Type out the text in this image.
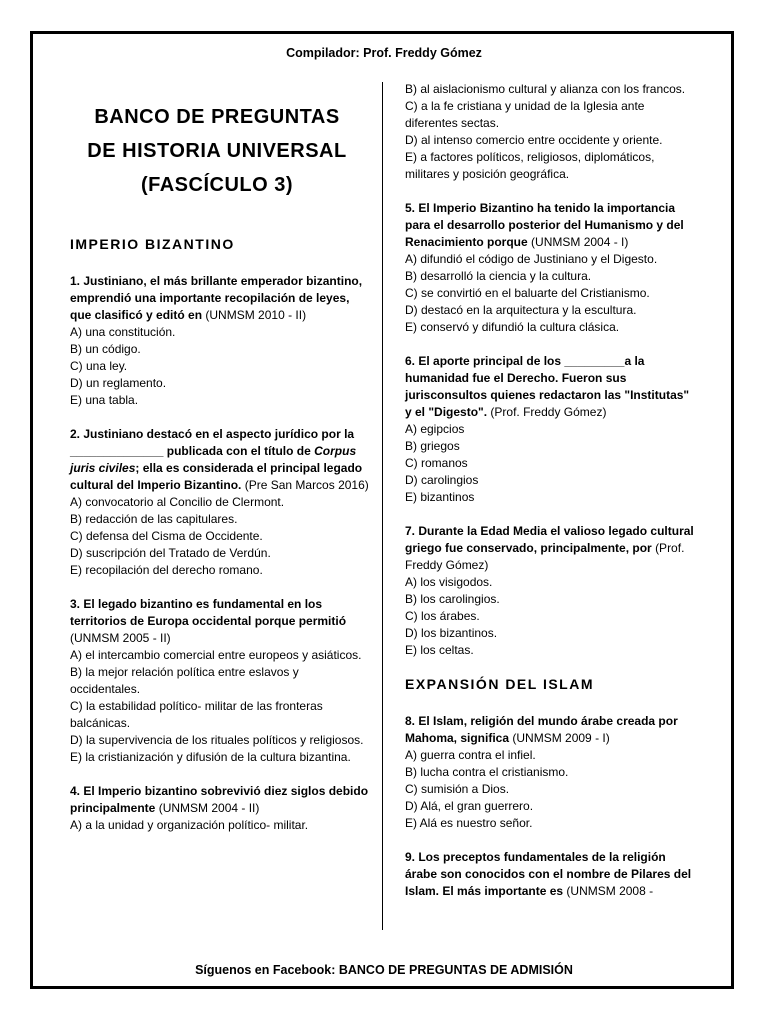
Compilador: Prof. Freddy Gómez
BANCO DE PREGUNTAS
DE HISTORIA UNIVERSAL
(FASCÍCULO 3)
IMPERIO BIZANTINO
1. Justiniano, el más brillante emperador bizantino, emprendió una importante recopilación de leyes, que clasificó y editó en (UNMSM 2010 - II)
A) una constitución.
B) un código.
C) una ley.
D) un reglamento.
E) una tabla.
2. Justiniano destacó en el aspecto jurídico por la ______________ publicada con el título de Corpus juris civiles; ella es considerada el principal legado cultural del Imperio Bizantino. (Pre San Marcos 2016)
A) convocatorio al Concilio de Clermont.
B) redacción de las capitulares.
C) defensa del Cisma de Occidente.
D) suscripción del Tratado de Verdún.
E) recopilación del derecho romano.
3. El legado bizantino es fundamental en los territorios de Europa occidental porque permitió (UNMSM 2005 - II)
A) el intercambio comercial entre europeos y asiáticos.
B) la mejor relación política entre eslavos y occidentales.
C) la estabilidad político- militar de las fronteras balcánicas.
D) la supervivencia de los rituales políticos y religiosos.
E) la cristianización y difusión de la cultura bizantina.
4. El Imperio bizantino sobrevivió diez siglos debido principalmente (UNMSM 2004 - II)
A) a la unidad y organización político- militar.
B) al aislacionismo cultural y alianza con los francos.
C) a la fe cristiana y unidad de la Iglesia ante diferentes sectas.
D) al intenso comercio entre occidente y oriente.
E) a factores políticos, religiosos, diplomáticos, militares y posición geográfica.
5. El Imperio Bizantino ha tenido la importancia para el desarrollo posterior del Humanismo y del Renacimiento porque (UNMSM 2004 - I)
A) difundió el código de Justiniano y el Digesto.
B) desarrolló la ciencia y la cultura.
C) se convirtió en el baluarte del Cristianismo.
D) destacó en la arquitectura y la escultura.
E) conservó y difundió la cultura clásica.
6. El aporte principal de los _________a la humanidad fue el Derecho. Fueron sus jurisconsultos quienes redactaron las "Institutas" y el "Digesto". (Prof. Freddy Gómez)
A) egipcios
B) griegos
C) romanos
D) carolingios
E) bizantinos
7. Durante la Edad Media el valioso legado cultural griego fue conservado, principalmente, por (Prof. Freddy Gómez)
A) los visigodos.
B) los carolingios.
C) los árabes.
D) los bizantinos.
E) los celtas.
EXPANSIÓN DEL ISLAM
8. El Islam, religión del mundo árabe creada por Mahoma, significa (UNMSM 2009 - I)
A) guerra contra el infiel.
B) lucha contra el cristianismo.
C) sumisión a Dios.
D) Alá, el gran guerrero.
E) Alá es nuestro señor.
9. Los preceptos fundamentales de la religión árabe son conocidos con el nombre de Pilares del Islam. El más importante es (UNMSM 2008 -
Síguenos en Facebook: BANCO DE PREGUNTAS DE ADMISIÓN
